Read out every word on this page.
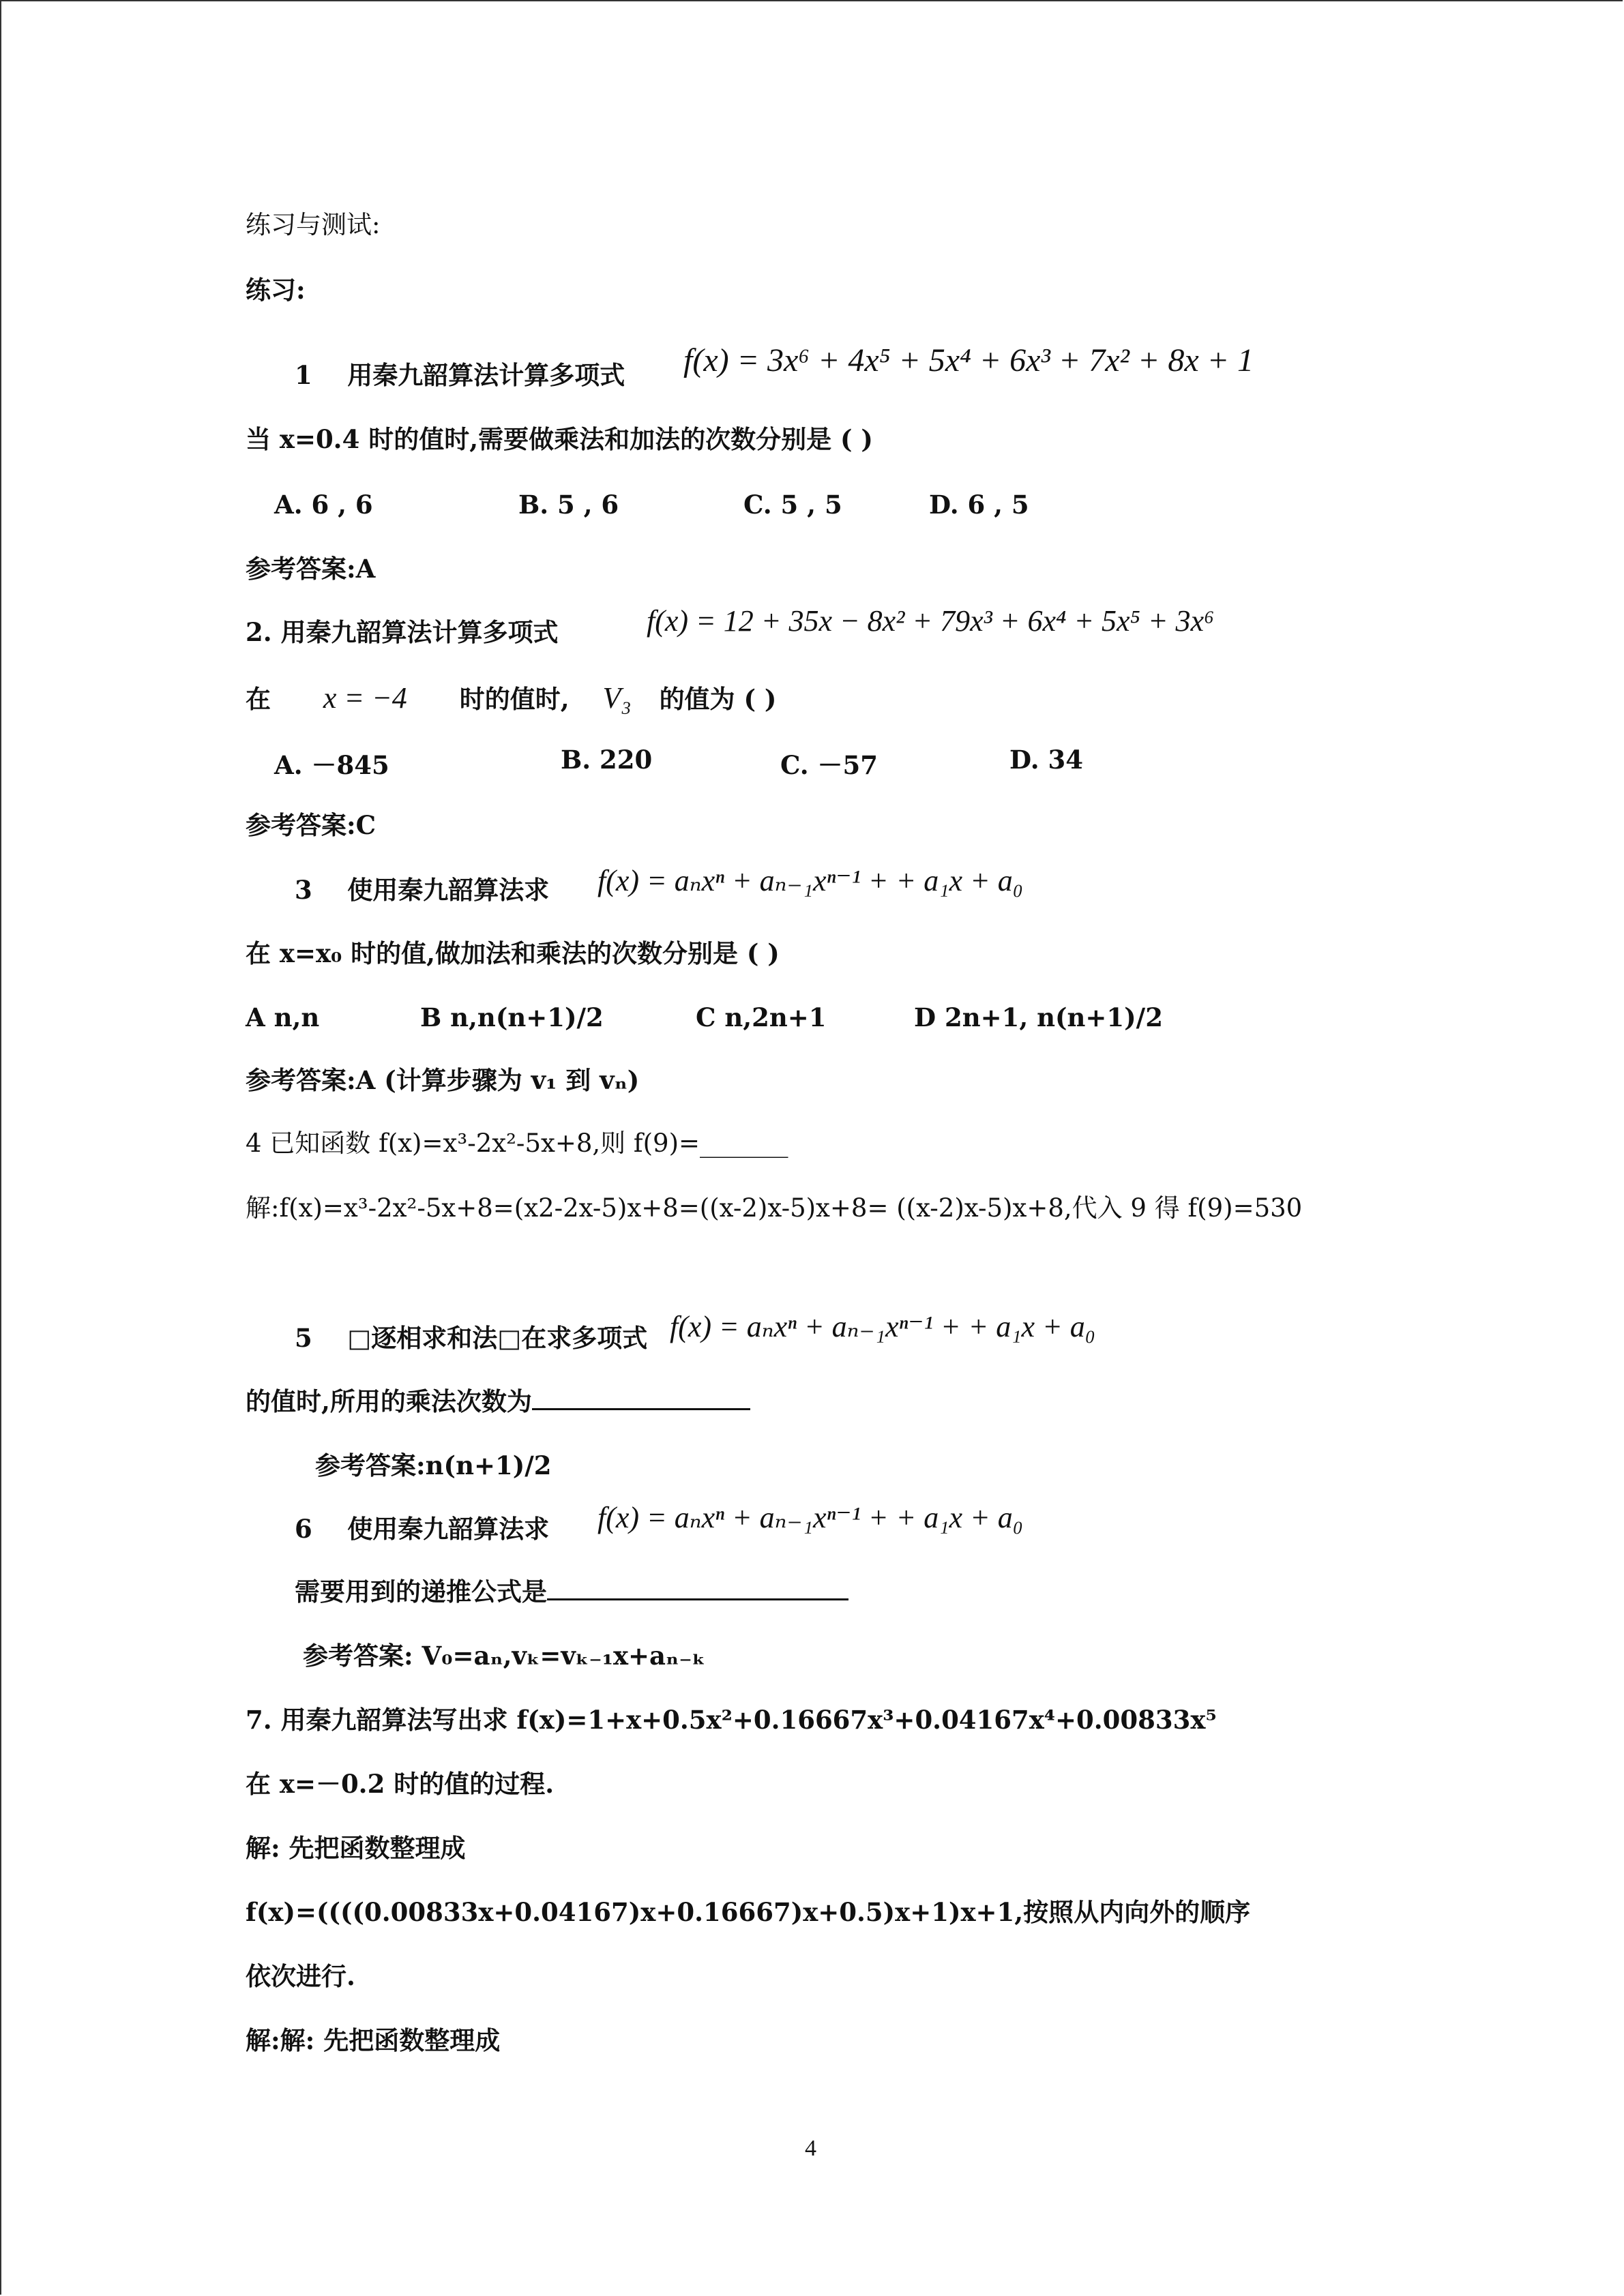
练习与测试:
练习:
1 用秦九韶算法计算多项式 f(x) = 3x⁶ + 4x⁵ + 5x⁴ + 6x³ + 7x² + 8x + 1
当 x=0.4 时的值时,需要做乘法和加法的次数分别是 ( )
A. 6 , 6	B. 5 , 6	C. 5 , 5	D. 6 , 5
参考答案:A
2. 用秦九韶算法计算多项式	f(x) = 12 + 35x − 8x² + 79x³ + 6x⁴ + 5x⁵ + 3x⁶
在 x = −4 时的值时, V₃ 的值为 ( )
A. －845	B. 220	C. －57	D. 34
参考答案:C
3 使用秦九韶算法求 f(x) = aₙxⁿ + aₙ₋₁xⁿ⁻¹ + + a₁x + a₀
在 x=x₀ 时的值,做加法和乘法的次数分别是 ( )
A n,n	B n,n(n+1)/2	C n,2n+1	D 2n+1, n(n+1)/2
参考答案:A (计算步骤为 v₁ 到 vₙ)
4 已知函数 f(x)=x³-2x²-5x+8,则 f(9)=_______
解:f(x)=x³-2x²-5x+8=(x2-2x-5)x+8=((x-2)x-5)x+8= ((x-2)x-5)x+8,代入 9 得 f(9)=530
5 □逐相求和法□在求多项式 f(x) = aₙxⁿ + aₙ₋₁xⁿ⁻¹ + + a₁x + a₀
的值时,所用的乘法次数为
参考答案:n(n+1)/2
6 使用秦九韶算法求 f(x) = aₙxⁿ + aₙ₋₁xⁿ⁻¹ + + a₁x + a₀
需要用到的递推公式是
参考答案: V₀=aₙ,vₖ=vₖ₋₁x+aₙ₋ₖ
7. 用秦九韶算法写出求 f(x)=1+x+0.5x²+0.16667x³+0.04167x⁴+0.00833x⁵
在 x=－0.2 时的值的过程.
解: 先把函数整理成
f(x)=((((0.00833x+0.04167)x+0.16667)x+0.5)x+1)x+1,按照从内向外的顺序
依次进行.
解:解: 先把函数整理成
4
